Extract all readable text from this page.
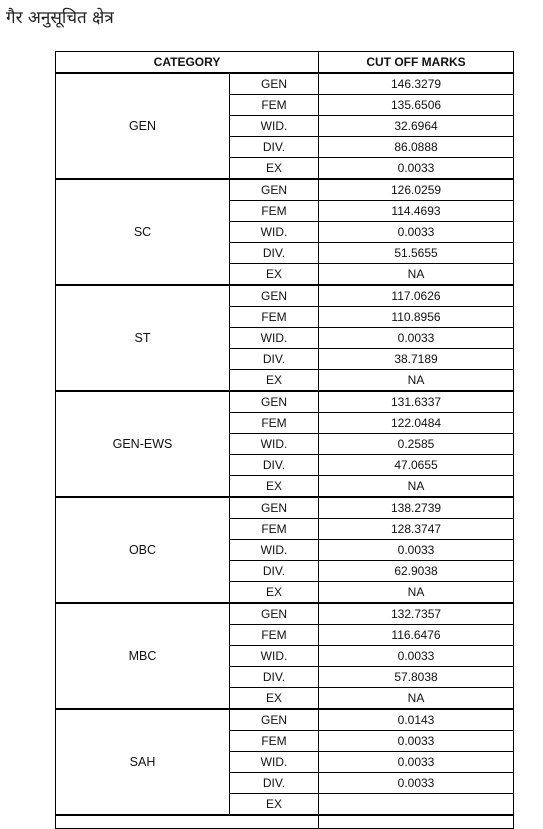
गैर अनुसूचित क्षेत्र
CATEGORY		CUT OFF MARKS
GEN	GEN	146.3279
	FEM	135.6506
	WID.	32.6964
	DIV.	86.0888
	EX	0.0033
SC	GEN	126.0259
	FEM	114.4693
	WID.	0.0033
	DIV.	51.5655
	EX	NA
ST	GEN	117.0626
	FEM	110.8956
	WID.	0.0033
	DIV.	38.7189
	EX	NA
GEN-EWS	GEN	131.6337
	FEM	122.0484
	WID.	0.2585
	DIV.	47.0655
	EX	NA
OBC	GEN	138.2739
	FEM	128.3747
	WID.	0.0033
	DIV.	62.9038
	EX	NA
MBC	GEN	132.7357
	FEM	116.6476
	WID.	0.0033
	DIV.	57.8038
	EX	NA
SAH	GEN	0.0143
	FEM	0.0033
	WID.	0.0033
	DIV.	0.0033
	EX	
